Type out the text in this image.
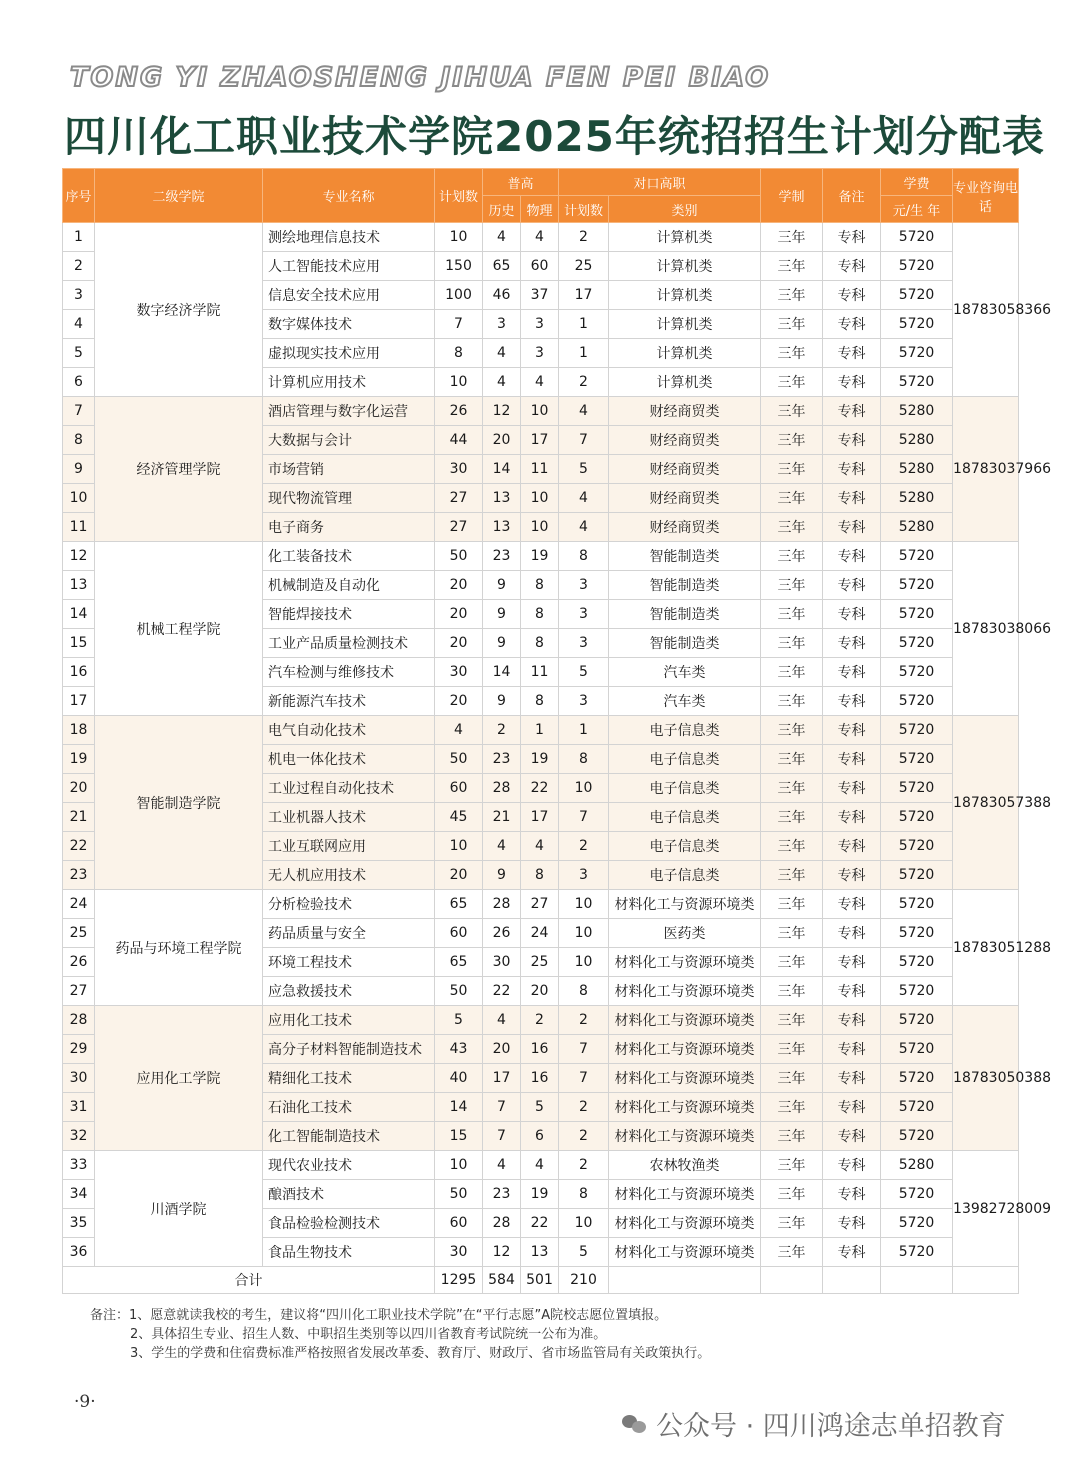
TONG YI ZHAOSHENG JIHUA FEN PEI BIAO
四川化工职业技术学院2025年统招招生计划分配表
序号	二级学院	专业名称	计划数	普高		对口高职		学制	备注	学费	专业咨询电话
				历史	物理	计划数	类别			元/生 年	
1	数字经济学院	测绘地理信息技术	10	4	4	2	计算机类	三年	专科	5720	18783058366
2		人工智能技术应用	150	65	60	25	计算机类	三年	专科	5720	
3		信息安全技术应用	100	46	37	17	计算机类	三年	专科	5720	
4		数字媒体技术	7	3	3	1	计算机类	三年	专科	5720	
5		虚拟现实技术应用	8	4	3	1	计算机类	三年	专科	5720	
6		计算机应用技术	10	4	4	2	计算机类	三年	专科	5720	
7	经济管理学院	酒店管理与数字化运营	26	12	10	4	财经商贸类	三年	专科	5280	18783037966
8		大数据与会计	44	20	17	7	财经商贸类	三年	专科	5280	
9		市场营销	30	14	11	5	财经商贸类	三年	专科	5280	
10		现代物流管理	27	13	10	4	财经商贸类	三年	专科	5280	
11		电子商务	27	13	10	4	财经商贸类	三年	专科	5280	
12	机械工程学院	化工装备技术	50	23	19	8	智能制造类	三年	专科	5720	18783038066
13		机械制造及自动化	20	9	8	3	智能制造类	三年	专科	5720	
14		智能焊接技术	20	9	8	3	智能制造类	三年	专科	5720	
15		工业产品质量检测技术	20	9	8	3	智能制造类	三年	专科	5720	
16		汽车检测与维修技术	30	14	11	5	汽车类	三年	专科	5720	
17		新能源汽车技术	20	9	8	3	汽车类	三年	专科	5720	
18	智能制造学院	电气自动化技术	4	2	1	1	电子信息类	三年	专科	5720	18783057388
19		机电一体化技术	50	23	19	8	电子信息类	三年	专科	5720	
20		工业过程自动化技术	60	28	22	10	电子信息类	三年	专科	5720	
21		工业机器人技术	45	21	17	7	电子信息类	三年	专科	5720	
22		工业互联网应用	10	4	4	2	电子信息类	三年	专科	5720	
23		无人机应用技术	20	9	8	3	电子信息类	三年	专科	5720	
24	药品与环境工程学院	分析检验技术	65	28	27	10	材料化工与资源环境类	三年	专科	5720	18783051288
25		药品质量与安全	60	26	24	10	医药类	三年	专科	5720	
26		环境工程技术	65	30	25	10	材料化工与资源环境类	三年	专科	5720	
27		应急救援技术	50	22	20	8	材料化工与资源环境类	三年	专科	5720	
28	应用化工学院	应用化工技术	5	4	2	2	材料化工与资源环境类	三年	专科	5720	18783050388
29		高分子材料智能制造技术	43	20	16	7	材料化工与资源环境类	三年	专科	5720	
30		精细化工技术	40	17	16	7	材料化工与资源环境类	三年	专科	5720	
31		石油化工技术	14	7	5	2	材料化工与资源环境类	三年	专科	5720	
32		化工智能制造技术	15	7	6	2	材料化工与资源环境类	三年	专科	5720	
33	川酒学院	现代农业技术	10	4	4	2	农林牧渔类	三年	专科	5280	13982728009
34		酿酒技术	50	23	19	8	材料化工与资源环境类	三年	专科	5720	
35		食品检验检测技术	60	28	22	10	材料化工与资源环境类	三年	专科	5720	
36		食品生物技术	30	12	13	5	材料化工与资源环境类	三年	专科	5720	
合计			1295	584	501	210					
备注：1、愿意就读我校的考生，建议将“四川化工职业技术学院”在“平行志愿”A院校志愿位置填报。
2、具体招生专业、招生人数、中职招生类别等以四川省教育考试院统一公布为准。
3、学生的学费和住宿费标准严格按照省发展改革委、教育厅、财政厅、省市场监管局有关政策执行。
·9·
公众号 · 四川鸿途志单招教育
